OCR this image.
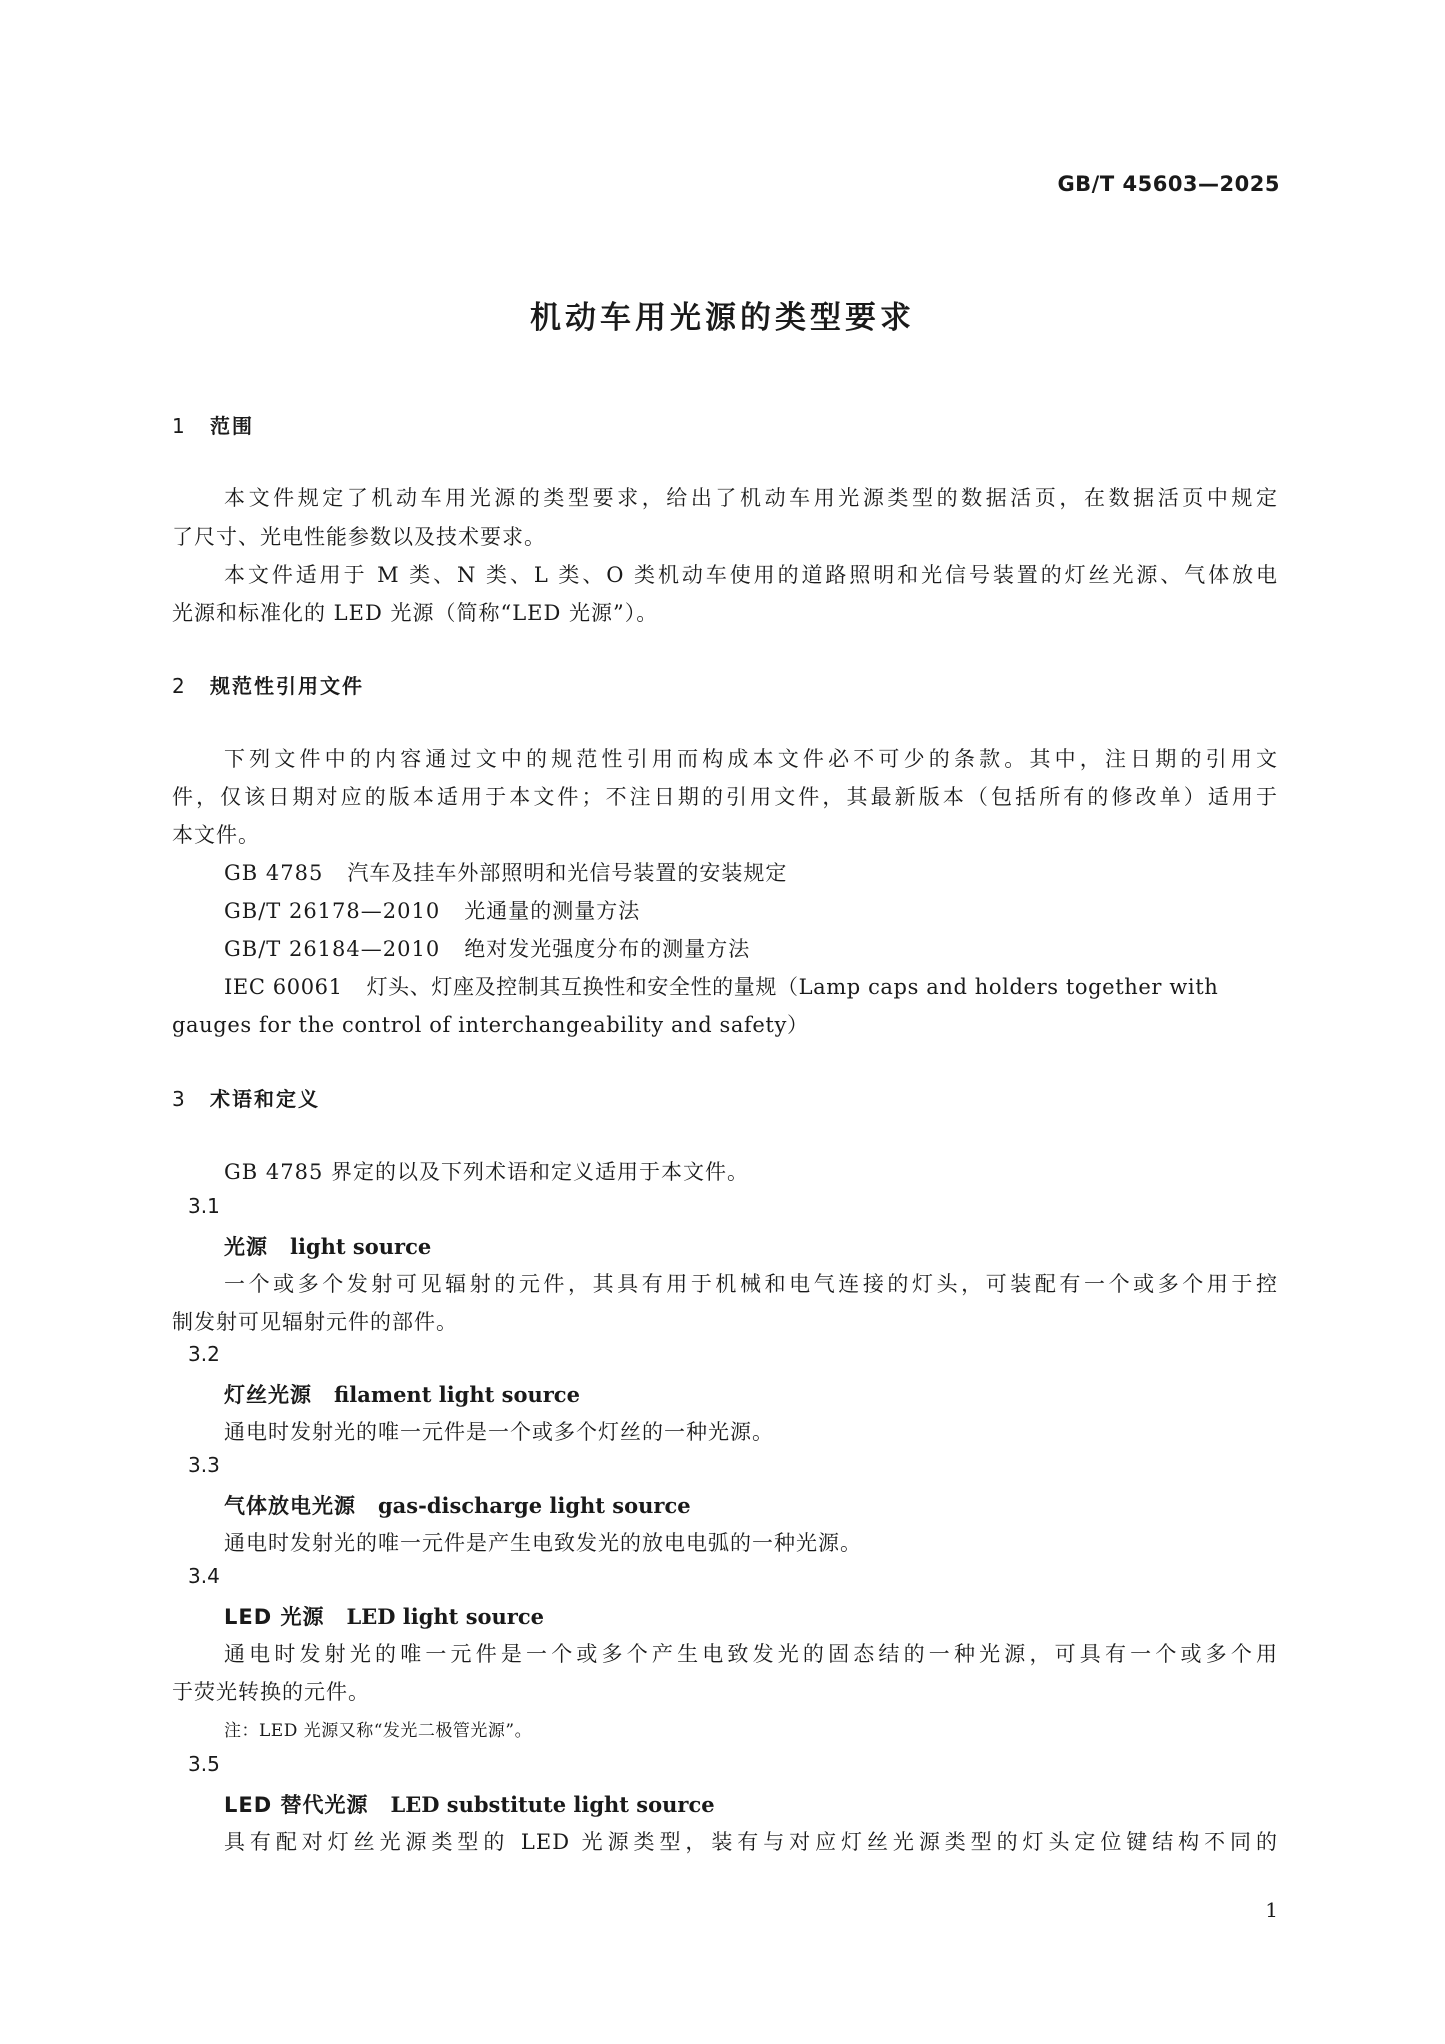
GB/T 45603—2025
机动车用光源的类型要求
1 范围
本文件规定了机动车用光源的类型要求，给出了机动车用光源类型的数据活页，在数据活页中规定
了尺寸、光电性能参数以及技术要求。
本文件适用于 M 类、N 类、L 类、O 类机动车使用的道路照明和光信号装置的灯丝光源、气体放电
光源和标准化的 LED 光源（简称“LED 光源”）。
2 规范性引用文件
下列文件中的内容通过文中的规范性引用而构成本文件必不可少的条款。其中，注日期的引用文
件，仅该日期对应的版本适用于本文件；不注日期的引用文件，其最新版本（包括所有的修改单）适用于
本文件。
GB 4785 汽车及挂车外部照明和光信号装置的安装规定
GB/T 26178—2010 光通量的测量方法
GB/T 26184—2010 绝对发光强度分布的测量方法
IEC 60061 灯头、灯座及控制其互换性和安全性的量规（Lamp caps and holders together with
gauges for the control of interchangeability and safety）
3 术语和定义
GB 4785 界定的以及下列术语和定义适用于本文件。
3.1
光源 light source
一个或多个发射可见辐射的元件，其具有用于机械和电气连接的灯头，可装配有一个或多个用于控
制发射可见辐射元件的部件。
3.2
灯丝光源 filament light source
通电时发射光的唯一元件是一个或多个灯丝的一种光源。
3.3
气体放电光源 gas-discharge light source
通电时发射光的唯一元件是产生电致发光的放电电弧的一种光源。
3.4
LED 光源 LED light source
通电时发射光的唯一元件是一个或多个产生电致发光的固态结的一种光源，可具有一个或多个用
于荧光转换的元件。
注：LED 光源又称“发光二极管光源”。
3.5
LED 替代光源 LED substitute light source
具有配对灯丝光源类型的 LED 光源类型，装有与对应灯丝光源类型的灯头定位键结构不同的
1
